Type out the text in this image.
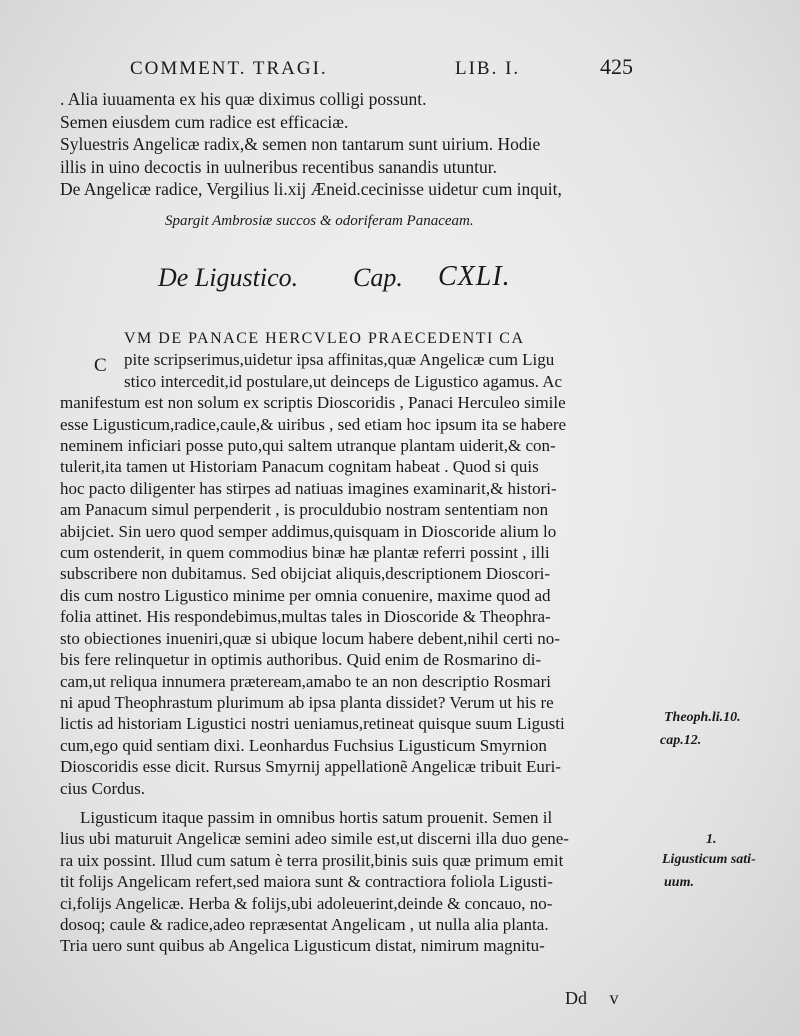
COMMENT. TRAGI.	LIB. I.	425
. Alia iuuamenta ex his quæ diximus colligi possunt.
Semen eiusdem cum radice est efficaciæ.
Syluestris Angelicæ radix,& semen non tantarum sunt uirium. Hodie
illis in uino decoctis in uulneribus recentibus sanandis utuntur.
De Angelicæ radice, Vergilius li.xij Æneid.cecinisse uidetur cum inquit,
Spargit Ambrosiæ succos & odoriferam Panaceam.
De Ligustico. Cap. CXLI.
C
VM DE PANACE HERCVLEO PRAECEDENTI CA
pite scripserimus,uidetur ipsa affinitas,quæ Angelicæ cum Ligu
stico intercedit,id postulare,ut deinceps de Ligustico agamus. Ac
manifestum est non solum ex scriptis Dioscoridis , Panaci Herculeo simile
esse Ligusticum,radice,caule,& uiribus , sed etiam hoc ipsum ita se habere
neminem inficiari posse puto,qui saltem utranque plantam uiderit,& con-
tulerit,ita tamen ut Historiam Panacum cognitam habeat . Quod si quis
hoc pacto diligenter has stirpes ad natiuas imagines examinarit,& histori-
am Panacum simul perpenderit , is proculdubio nostram sententiam non
abijciet. Sin uero quod semper addimus,quisquam in Dioscoride alium lo
cum ostenderit, in quem commodius binæ hæ plantæ referri possint , illi
subscribere non dubitamus. Sed obijciat aliquis,descriptionem Dioscori-
dis cum nostro Ligustico minime per omnia conuenire, maxime quod ad
folia attinet. His respondebimus,multas tales in Dioscoride & Theophra-
sto obiectiones inueniri,quæ si ubique locum habere debent,nihil certi no-
bis fere relinquetur in optimis authoribus. Quid enim de Rosmarino di-
cam,ut reliqua innumera præteream,amabo te an non descriptio Rosmari
ni apud Theophrastum plurimum ab ipsa planta dissidet? Verum ut his re
lictis ad historiam Ligustici nostri ueniamus,retineat quisque suum Ligusti
cum,ego quid sentiam dixi. Leonhardus Fuchsius Ligusticum Smyrnion
Dioscoridis esse dicit. Rursus Smyrnij appellationẽ Angelicæ tribuit Euri-
cius Cordus.
Ligusticum itaque passim in omnibus hortis satum prouenit. Semen il
lius ubi maturuit Angelicæ semini adeo simile est,ut discerni illa duo gene-
ra uix possint. Illud cum satum è terra prosilit,binis suis quæ primum emit
tit folijs Angelicam refert,sed maiora sunt & contractiora foliola Ligusti-
ci,folijs Angelicæ. Herba & folijs,ubi adoleuerint,deinde & concauo, no-
dosoq; caule & radice,adeo repræsentat Angelicam , ut nulla alia planta.
Tria uero sunt quibus ab Angelica Ligusticum distat, nimirum magnitu-
Theoph.li.10.
cap.12.
1.
Ligusticum sati-
uum.
Dd v
